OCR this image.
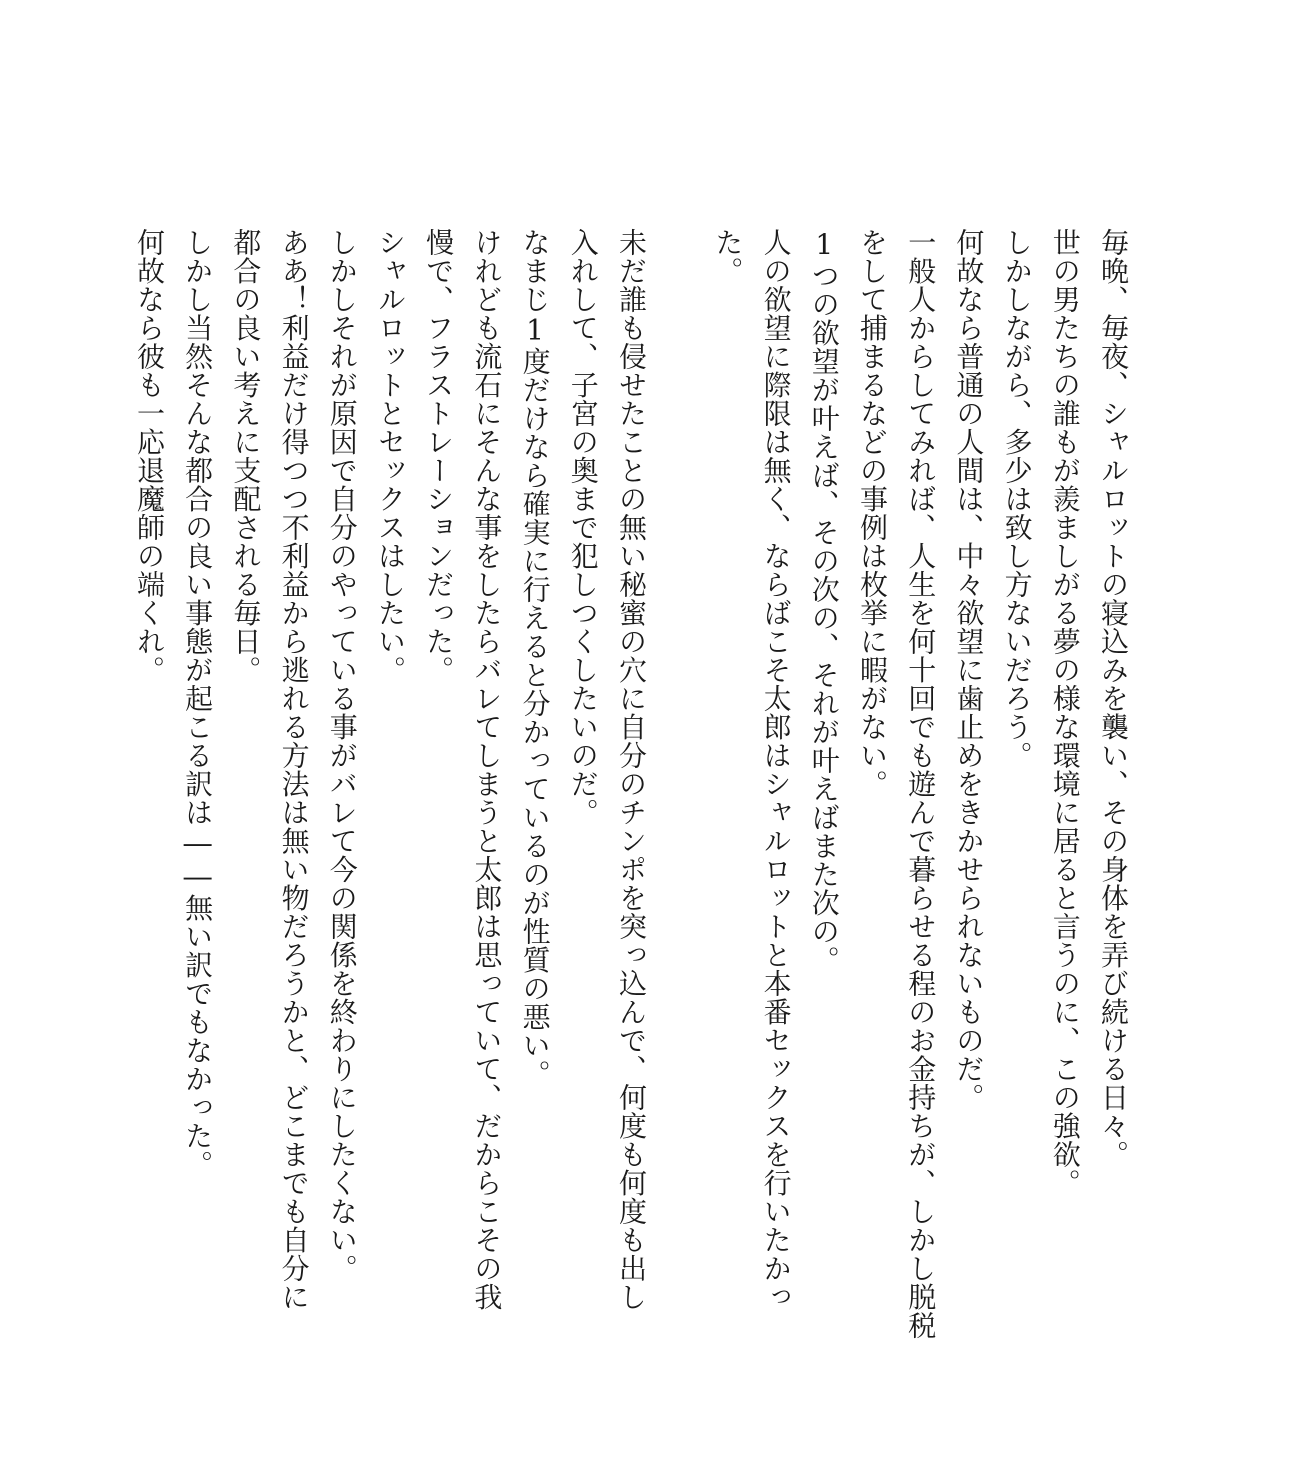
毎晩、毎夜、シャルロットの寝込みを襲い、その身体を弄び続ける日々。
世の男たちの誰もが羨ましがる夢の様な環境に居ると言うのに、この強欲。
しかしながら、多少は致し方ないだろう。
何故なら普通の人間は、中々欲望に歯止めをきかせられないものだ。
一般人からしてみれば、人生を何十回でも遊んで暮らせる程のお金持ちが、しかし脱税
をして捕まるなどの事例は枚挙に暇がない。
1つの欲望が叶えば、その次の、それが叶えばまた次の。
人の欲望に際限は無く、ならばこそ太郎はシャルロットと本番セックスを行いたかっ
た。
未だ誰も侵せたことの無い秘蜜の穴に自分のチンポを突っ込んで、何度も何度も出し
入れして、子宮の奥まで犯しつくしたいのだ。
なまじ1度だけなら確実に行えると分かっているのが性質の悪い。
けれども流石にそんな事をしたらバレてしまうと太郎は思っていて、だからこその我
慢で、フラストレーションだった。
シャルロットとセックスはしたい。
しかしそれが原因で自分のやっている事がバレて今の関係を終わりにしたくない。
ああ！利益だけ得つつ不利益から逃れる方法は無い物だろうかと、どこまでも自分に
都合の良い考えに支配される毎日。
しかし当然そんな都合の良い事態が起こる訳は――無い訳でもなかった。
何故なら彼も一応退魔師の端くれ。
